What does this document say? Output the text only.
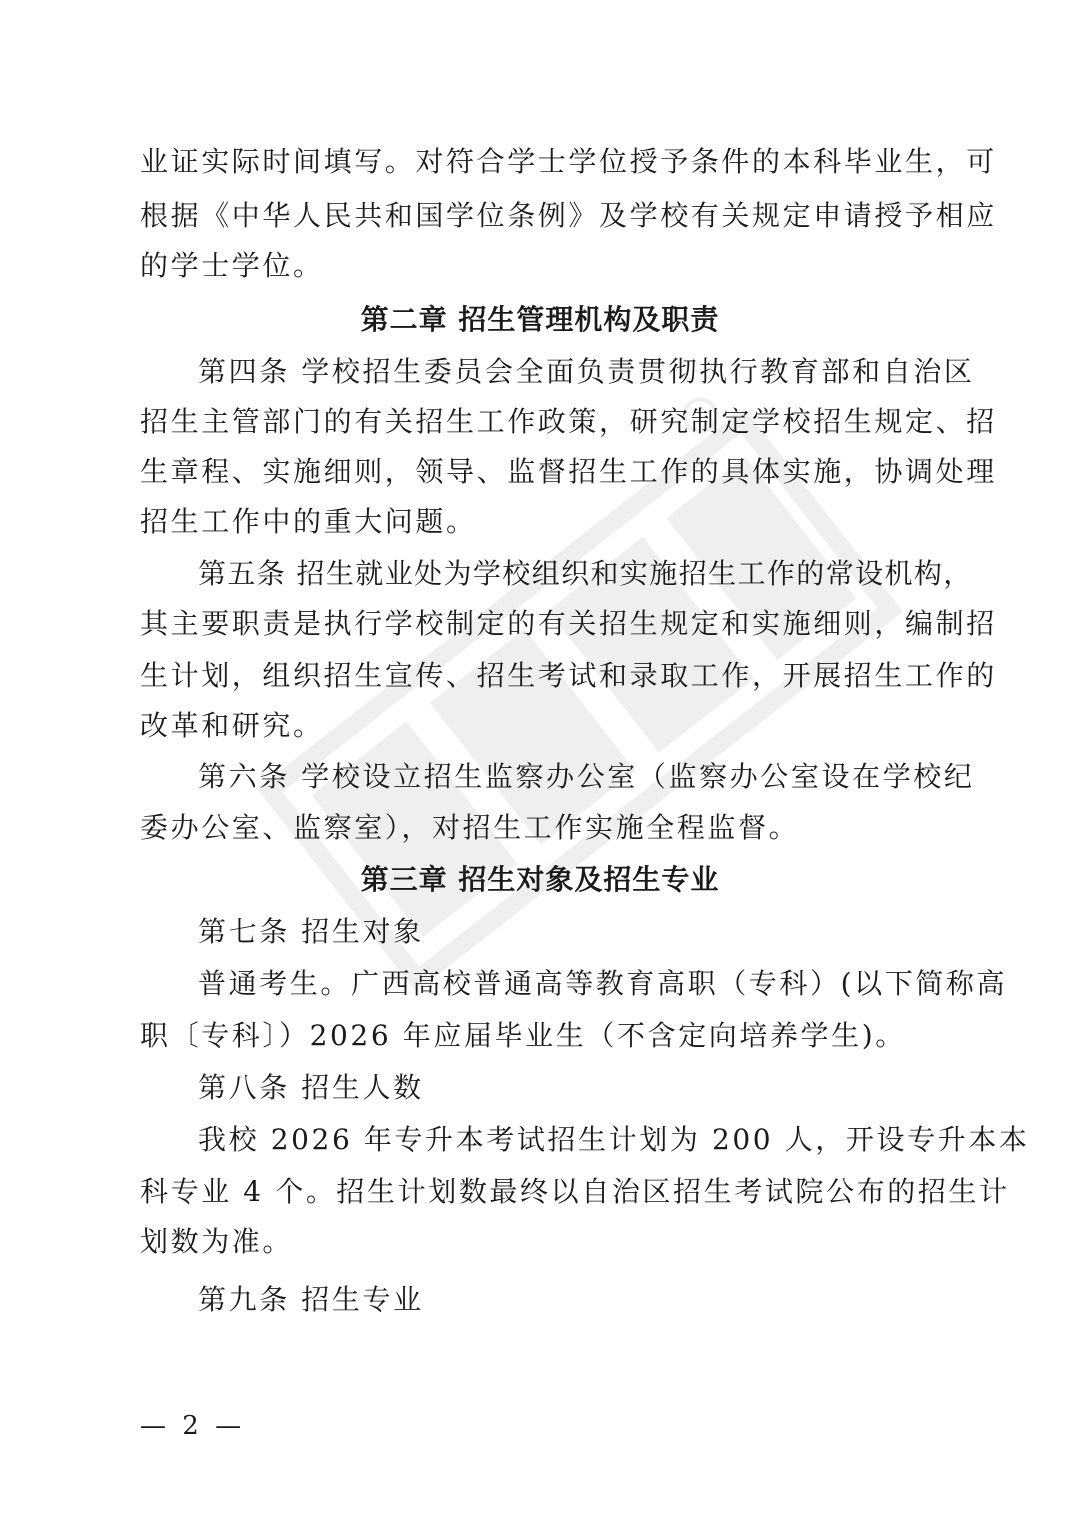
业证实际时间填写。对符合学士学位授予条件的本科毕业生，可
根据《中华人民共和国学位条例》及学校有关规定申请授予相应
的学士学位。
第二章 招生管理机构及职责
第四条 学校招生委员会全面负责贯彻执行教育部和自治区
招生主管部门的有关招生工作政策，研究制定学校招生规定、招
生章程、实施细则，领导、监督招生工作的具体实施，协调处理
招生工作中的重大问题。
第五条 招生就业处为学校组织和实施招生工作的常设机构，
其主要职责是执行学校制定的有关招生规定和实施细则，编制招
生计划，组织招生宣传、招生考试和录取工作，开展招生工作的
改革和研究。
第六条 学校设立招生监察办公室（监察办公室设在学校纪
委办公室、监察室），对招生工作实施全程监督。
第三章 招生对象及招生专业
第七条 招生对象
普通考生。广西高校普通高等教育高职（专科）(以下简称高
职〔专科〕）2026 年应届毕业生（不含定向培养学生)。
第八条 招生人数
我校 2026 年专升本考试招生计划为 200 人，开设专升本本
科专业 4 个。招生计划数最终以自治区招生考试院公布的招生计
划数为准。
第九条 招生专业
— 2 —
